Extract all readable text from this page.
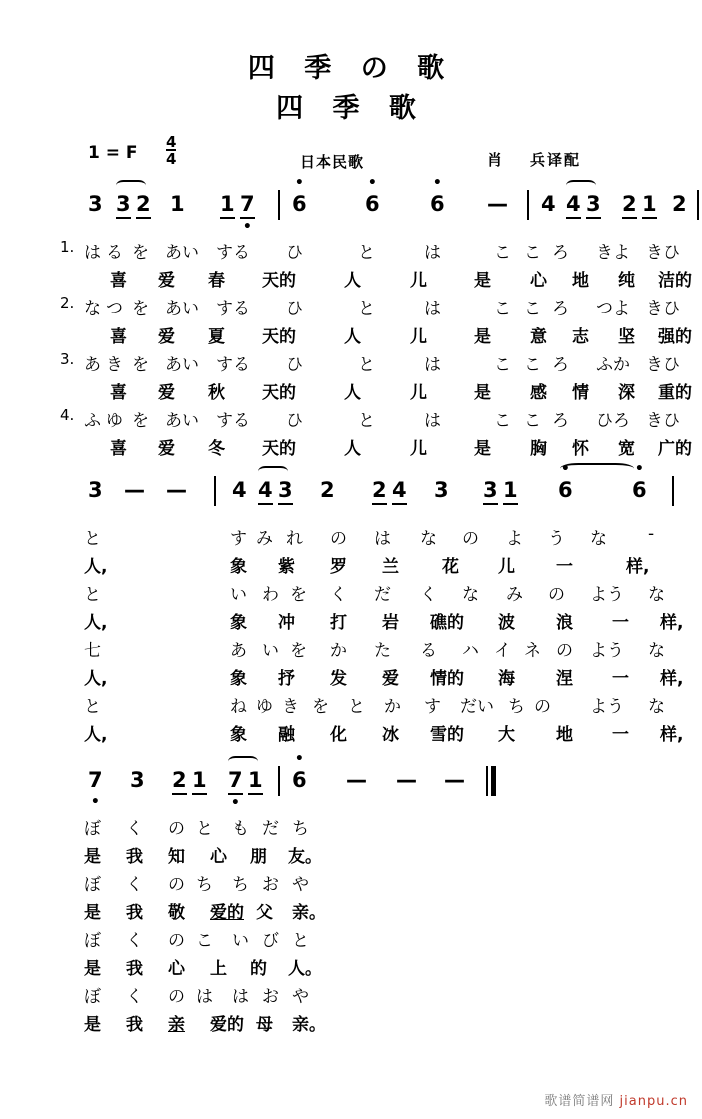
四 季 の 歌
四 季 歌
1 = F $\frac{4}{4}$	日本民歌	肖 兵译配
3 3 2 1 1 7 • • 6	• 6 • 6 — 4 4 3 2 1 2
1. は る を あい する ひ	と	は	こ こ ろ きよ きひ
喜 爱 春 天的	人	儿	是 心 地 纯 洁的
2. な つ を あい する ひ	と	は	こ こ ろ つよ きひ
喜 爱 夏 天的	人	儿	是 意 志 坚 强的
3. あ き を あい する ひ	と	は	こ こ ろ ふか きひ
喜 爱 秋 天的	人	儿	是 感 情 深 重的
4. ふ ゆ を あい する ひ	と	は	こ こ ろ ひろ きひ
喜 爱 冬 天的	人	儿	是 胸 怀 宽 广的
3 — — 4 4 3 2 2 4 3 3 1 • 6	• 6
と	す み れ の は な の よ う な -
人,	象 紫 罗 兰	花 儿 一	样,
と	い わ を く だ く な み の よう な
人,	象 冲 打 岩 礁的 波 浪 一 样,
七	あ い を か た る ハ イ ネ の よう な
人,	象 抒 发 爱 情的 海 涅 一 样,
と	ね ゆ き を と か す だい ち の よう な
人,	象 融 化 冰 雪的 大 地 一 样,
7 • 3 2 1 7 • 1 • 6 — — —
ぼ く の と も だ ち
是 我 知 心 朋 友。
ぼ く の ち ち お や
是 我 敬 爱的 父 亲。
ぼ く の こ い び と
是 我 心 上 的 人。
ぼ く の は は お や
是 我 亲 爱的 母 亲。
歌谱简谱网 jianpu.cn
